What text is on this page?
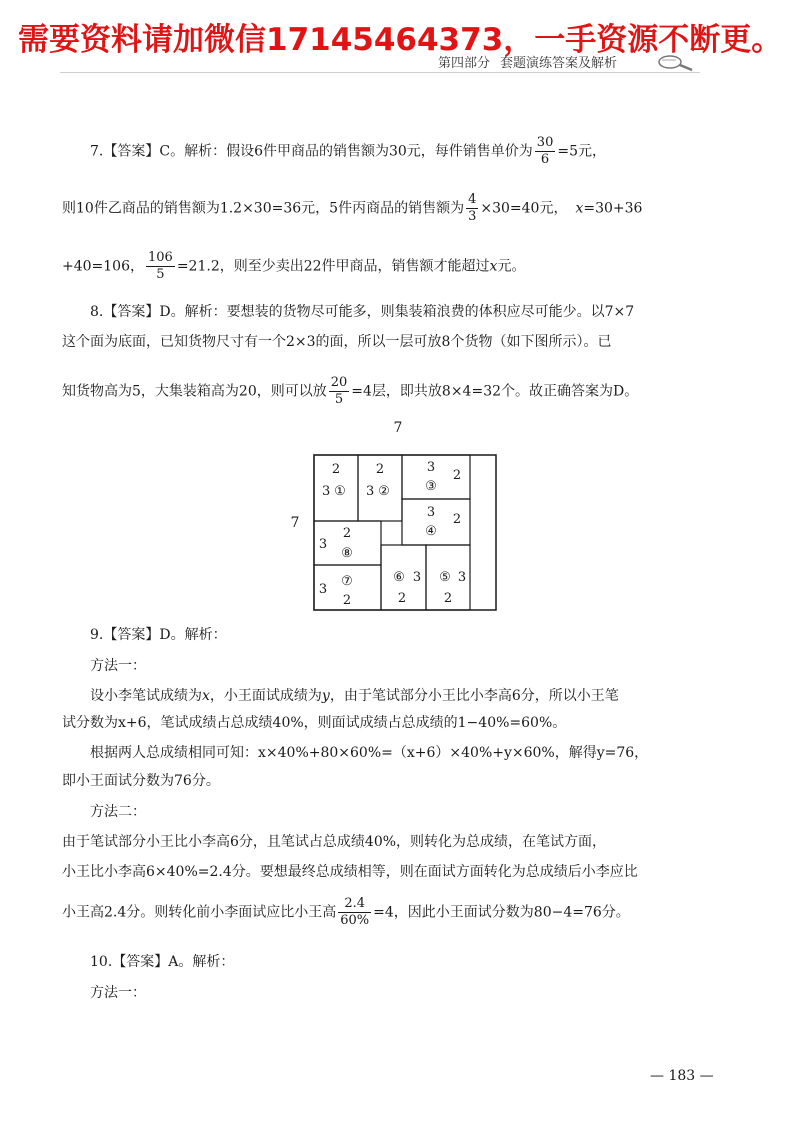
需要资料请加微信17145464373，一手资源不断更。
第四部分 套题演练答案及解析
7.【答案】C。解析：假设6件甲商品的销售额为30元，每件销售单价为 $\frac{30}{6} =5$元，
则10件乙商品的销售额为1.2×30=36元，5件丙商品的销售额为 $\frac{4}{3} \times 30=40$元， x=30+36
+40=106， $\frac{106}{5} =21.2$，则至少卖出22件甲商品，销售额才能超过x元。
8.【答案】D。解析：要想装的货物尽可能多，则集装箱浪费的体积应尽可能少。以7×7
这个面为底面，已知货物尺寸有一个2×3的面，所以一层可放8个货物（如下图所示）。已
知货物高为5，大集装箱高为20，则可以放 $\frac{20}{5} =4$层，即共放8×4=32个。故正确答案为D。
7
7
2
3 ①
2
3 ②
3
2
③
3 2
④
⑤ 3
2
⑥ 3
2
3
⑦
2
3
2
⑧
9.【答案】D。解析：
方法一：
设小李笔试成绩为x，小王面试成绩为y，由于笔试部分小王比小李高6分，所以小王笔
试分数为x+6，笔试成绩占总成绩40%，则面试成绩占总成绩的1−40%=60%。
根据两人总成绩相同可知：x×40%+80×60%=（x+6）×40%+y×60%，解得y=76，
即小王面试分数为76分。
方法二：
由于笔试部分小王比小李高6分，且笔试占总成绩40%，则转化为总成绩，在笔试方面，
小王比小李高6×40%=2.4分。要想最终总成绩相等，则在面试方面转化为总成绩后小李应比
小王高2.4分。则转化前小李面试应比小王高 $\frac{2.4}{60\%} =4$，因此小王面试分数为80−4=76分。
10.【答案】A。解析：
方法一：
— 183 —
